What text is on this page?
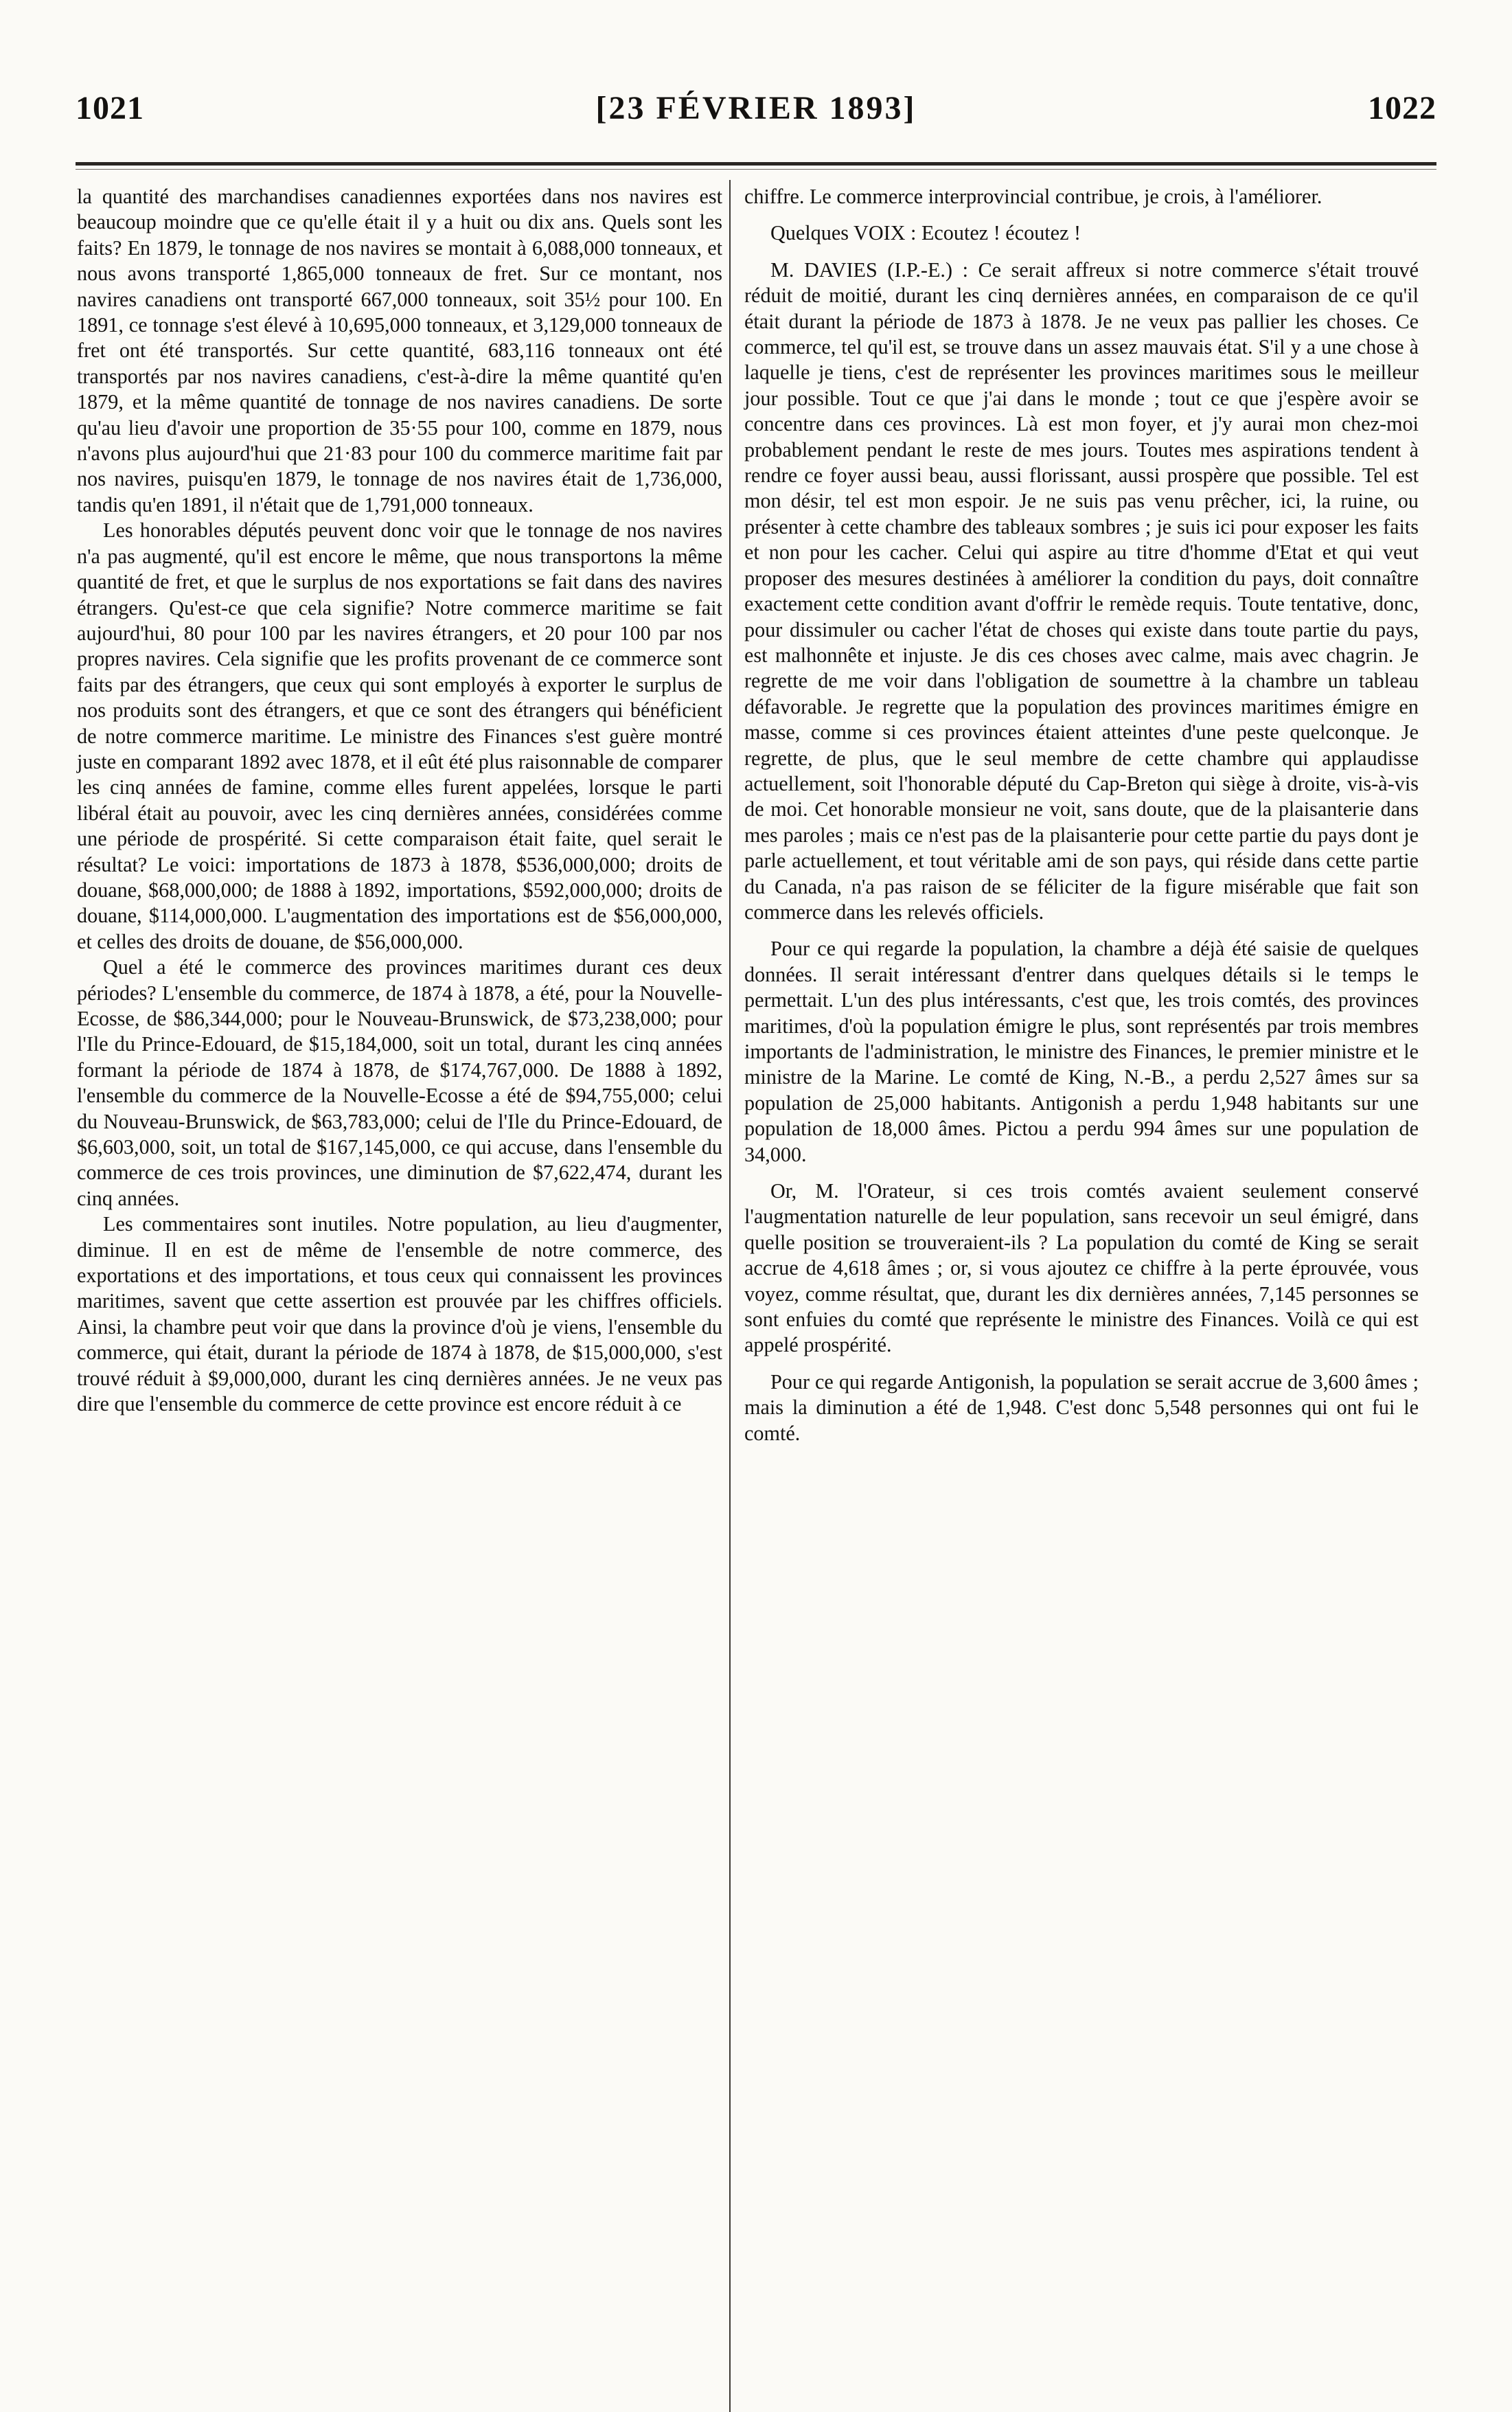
1021	[23 FÉVRIER 1893]	1022

la quantité des marchandises canadiennes exportées dans nos navires est beaucoup moindre que ce qu'elle était il y a huit ou dix ans. Quels sont les faits? En 1879, le tonnage de nos navires se montait à 6,088,000 tonneaux, et nous avons transporté 1,865,000 tonneaux de fret. Sur ce montant, nos navires canadiens ont transporté 667,000 tonneaux, soit 35½ pour 100. En 1891, ce tonnage s'est élevé à 10,695,000 tonneaux, et 3,129,000 tonneaux de fret ont été transportés. Sur cette quantité, 683,116 tonneaux ont été transportés par nos navires canadiens, c'est-à-dire la même quantité qu'en 1879, et la même quantité de tonnage de nos navires canadiens. De sorte qu'au lieu d'avoir une proportion de 35·55 pour 100, comme en 1879, nous n'avons plus aujourd'hui que 21·83 pour 100 du commerce maritime fait par nos navires, puisqu'en 1879, le tonnage de nos navires était de 1,736,000, tandis qu'en 1891, il n'était que de 1,791,000 tonneaux.

Les honorables députés peuvent donc voir que le tonnage de nos navires n'a pas augmenté, qu'il est encore le même, que nous transportons la même quantité de fret, et que le surplus de nos exportations se fait dans des navires étrangers. Qu'est-ce que cela signifie? Notre commerce maritime se fait aujourd'hui, 80 pour 100 par les navires étrangers, et 20 pour 100 par nos propres navires. Cela signifie que les profits provenant de ce commerce sont faits par des étrangers, que ceux qui sont employés à exporter le surplus de nos produits sont des étrangers, et que ce sont des étrangers qui bénéficient de notre commerce maritime. Le ministre des Finances s'est guère montré juste en comparant 1892 avec 1878, et il eût été plus raisonnable de comparer les cinq années de famine, comme elles furent appelées, lorsque le parti libéral était au pouvoir, avec les cinq dernières années, considérées comme une période de prospérité. Si cette comparaison était faite, quel serait le résultat? Le voici: importations de 1873 à 1878, $536,000,000; droits de douane, $68,000,000; de 1888 à 1892, importations, $592,000,000; droits de douane, $114,000,000. L'augmentation des importations est de $56,000,000, et celles des droits de douane, de $56,000,000.

Quel a été le commerce des provinces maritimes durant ces deux périodes? L'ensemble du commerce, de 1874 à 1878, a été, pour la Nouvelle-Ecosse, de $86,344,000; pour le Nouveau-Brunswick, de $73,238,000; pour l'Ile du Prince-Edouard, de $15,184,000, soit un total, durant les cinq années formant la période de 1874 à 1878, de $174,767,000. De 1888 à 1892, l'ensemble du commerce de la Nouvelle-Ecosse a été de $94,755,000; celui du Nouveau-Brunswick, de $63,783,000; celui de l'Ile du Prince-Edouard, de $6,603,000, soit, un total de $167,145,000, ce qui accuse, dans l'ensemble du commerce de ces trois provinces, une diminution de $7,622,474, durant les cinq années.

Les commentaires sont inutiles. Notre population, au lieu d'augmenter, diminue. Il en est de même de l'ensemble de notre commerce, des exportations et des importations, et tous ceux qui connaissent les provinces maritimes, savent que cette assertion est prouvée par les chiffres officiels. Ainsi, la chambre peut voir que dans la province d'où je viens, l'ensemble du commerce, qui était, durant la période de 1874 à 1878, de $15,000,000, s'est trouvé réduit à $9,000,000, durant les cinq dernières années. Je ne veux pas dire que l'ensemble du commerce de cette province est encore réduit à ce

chiffre. Le commerce interprovincial contribue, je crois, à l'améliorer.

Quelques VOIX : Ecoutez ! écoutez !

M. DAVIES (I.P.-E.) : Ce serait affreux si notre commerce s'était trouvé réduit de moitié, durant les cinq dernières années, en comparaison de ce qu'il était durant la période de 1873 à 1878. Je ne veux pas pallier les choses. Ce commerce, tel qu'il est, se trouve dans un assez mauvais état. S'il y a une chose à laquelle je tiens, c'est de représenter les provinces maritimes sous le meilleur jour possible. Tout ce que j'ai dans le monde ; tout ce que j'espère avoir se concentre dans ces provinces. Là est mon foyer, et j'y aurai mon chez-moi probablement pendant le reste de mes jours. Toutes mes aspirations tendent à rendre ce foyer aussi beau, aussi florissant, aussi prospère que possible. Tel est mon désir, tel est mon espoir. Je ne suis pas venu prêcher, ici, la ruine, ou présenter à cette chambre des tableaux sombres ; je suis ici pour exposer les faits et non pour les cacher. Celui qui aspire au titre d'homme d'Etat et qui veut proposer des mesures destinées à améliorer la condition du pays, doit connaître exactement cette condition avant d'offrir le remède requis. Toute tentative, donc, pour dissimuler ou cacher l'état de choses qui existe dans toute partie du pays, est malhonnête et injuste. Je dis ces choses avec calme, mais avec chagrin. Je regrette de me voir dans l'obligation de soumettre à la chambre un tableau défavorable. Je regrette que la population des provinces maritimes émigre en masse, comme si ces provinces étaient atteintes d'une peste quelconque. Je regrette, de plus, que le seul membre de cette chambre qui applaudisse actuellement, soit l'honorable député du Cap-Breton qui siège à droite, vis-à-vis de moi. Cet honorable monsieur ne voit, sans doute, que de la plaisanterie dans mes paroles ; mais ce n'est pas de la plaisanterie pour cette partie du pays dont je parle actuellement, et tout véritable ami de son pays, qui réside dans cette partie du Canada, n'a pas raison de se féliciter de la figure misérable que fait son commerce dans les relevés officiels.

Pour ce qui regarde la population, la chambre a déjà été saisie de quelques données. Il serait intéressant d'entrer dans quelques détails si le temps le permettait. L'un des plus intéressants, c'est que, les trois comtés, des provinces maritimes, d'où la population émigre le plus, sont représentés par trois membres importants de l'administration, le ministre des Finances, le premier ministre et le ministre de la Marine. Le comté de King, N.-B., a perdu 2,527 âmes sur sa population de 25,000 habitants. Antigonish a perdu 1,948 habitants sur une population de 18,000 âmes. Pictou a perdu 994 âmes sur une population de 34,000.

Or, M. l'Orateur, si ces trois comtés avaient seulement conservé l'augmentation naturelle de leur population, sans recevoir un seul émigré, dans quelle position se trouveraient-ils ? La population du comté de King se serait accrue de 4,618 âmes ; or, si vous ajoutez ce chiffre à la perte éprouvée, vous voyez, comme résultat, que, durant les dix dernières années, 7,145 personnes se sont enfuies du comté que représente le ministre des Finances. Voilà ce qui est appelé prospérité.

Pour ce qui regarde Antigonish, la population se serait accrue de 3,600 âmes ; mais la diminution a été de 1,948. C'est donc 5,548 personnes qui ont fui le comté.
